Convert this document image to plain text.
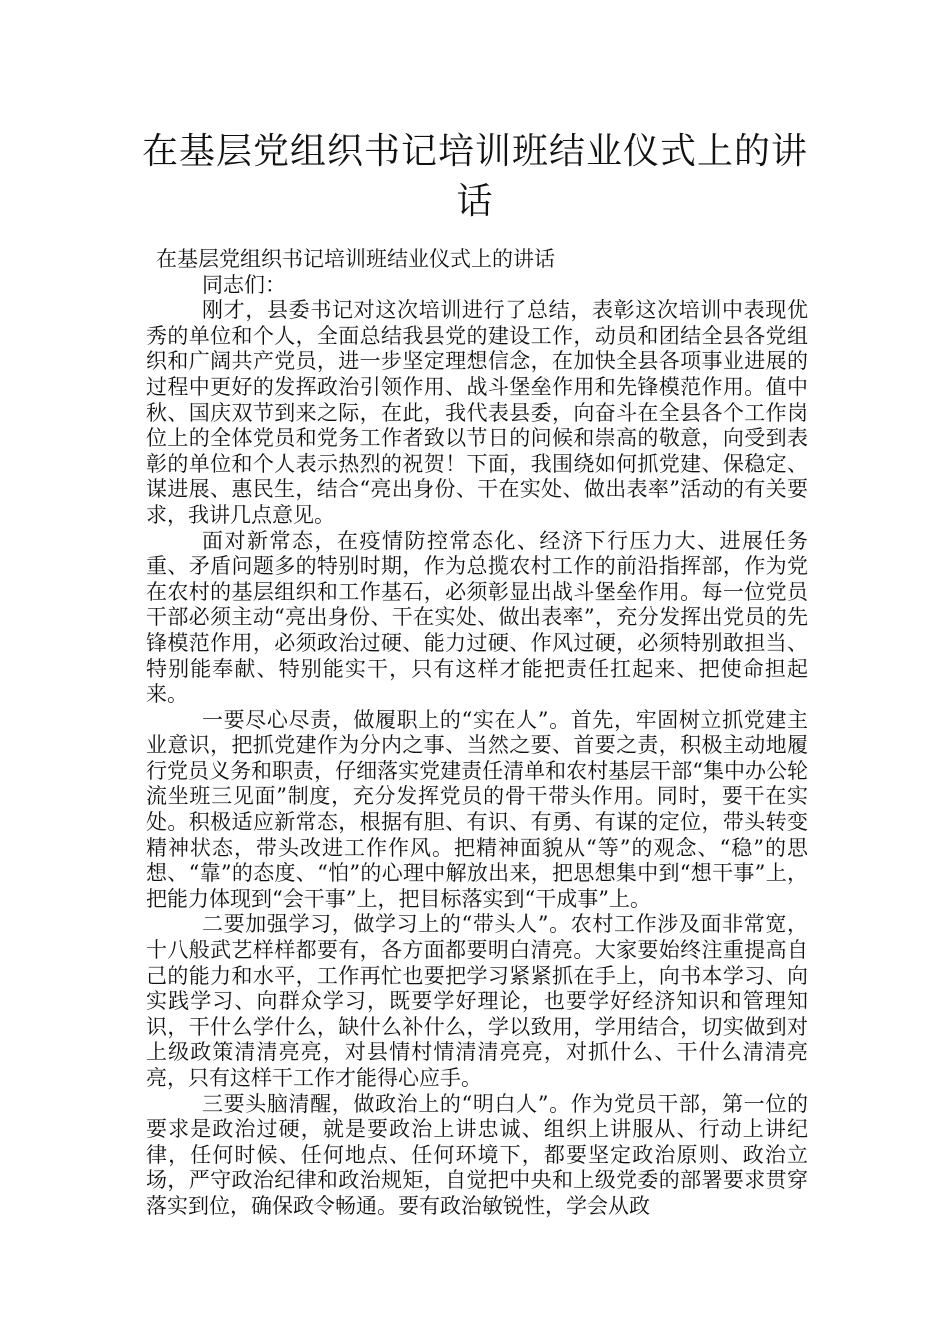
在基层党组织书记培训班结业仪式上的讲话

在基层党组织书记培训班结业仪式上的讲话

同志们：

刚才，县委书记对这次培训进行了总结，表彰这次培训中表现优秀的单位和个人，全面总结我县党的建设工作，动员和团结全县各党组织和广阔共产党员，进一步坚定理想信念，在加快全县各项事业进展的过程中更好的发挥政治引领作用、战斗堡垒作用和先锋模范作用。值中秋、国庆双节到来之际，在此，我代表县委，向奋斗在全县各个工作岗位上的全体党员和党务工作者致以节日的问候和崇高的敬意，向受到表彰的单位和个人表示热烈的祝贺！下面，我围绕如何抓党建、保稳定、谋进展、惠民生，结合“亮出身份、干在实处、做出表率”活动的有关要求，我讲几点意见。

面对新常态，在疫情防控常态化、经济下行压力大、进展任务重、矛盾问题多的特别时期，作为总揽农村工作的前沿指挥部，作为党在农村的基层组织和工作基石，必须彰显出战斗堡垒作用。每一位党员干部必须主动“亮出身份、干在实处、做出表率”，充分发挥出党员的先锋模范作用，必须政治过硬、能力过硬、作风过硬，必须特别敢担当、特别能奉献、特别能实干，只有这样才能把责任扛起来、把使命担起来。

一要尽心尽责，做履职上的“实在人”。首先，牢固树立抓党建主业意识，把抓党建作为分内之事、当然之要、首要之责，积极主动地履行党员义务和职责，仔细落实党建责任清单和农村基层干部“集中办公轮流坐班三见面”制度，充分发挥党员的骨干带头作用。同时，要干在实处。积极适应新常态，根据有胆、有识、有勇、有谋的定位，带头转变精神状态，带头改进工作作风。把精神面貌从“等”的观念、“稳”的思想、“靠”的态度、“怕”的心理中解放出来，把思想集中到“想干事”上，把能力体现到“会干事”上，把目标落实到“干成事”上。

二要加强学习，做学习上的“带头人”。农村工作涉及面非常宽，十八般武艺样样都要有，各方面都要明白清亮。大家要始终注重提高自己的能力和水平，工作再忙也要把学习紧紧抓在手上，向书本学习、向实践学习、向群众学习，既要学好理论，也要学好经济知识和管理知识，干什么学什么，缺什么补什么，学以致用，学用结合，切实做到对上级政策清清亮亮，对县情村情清清亮亮，对抓什么、干什么清清亮亮，只有这样干工作才能得心应手。

三要头脑清醒，做政治上的“明白人”。作为党员干部，第一位的要求是政治过硬，就是要政治上讲忠诚、组织上讲服从、行动上讲纪律，任何时候、任何地点、任何环境下，都要坚定政治原则、政治立场，严守政治纪律和政治规矩，自觉把中央和上级党委的部署要求贯穿落实到位，确保政令畅通。要有政治敏锐性，学会从政
